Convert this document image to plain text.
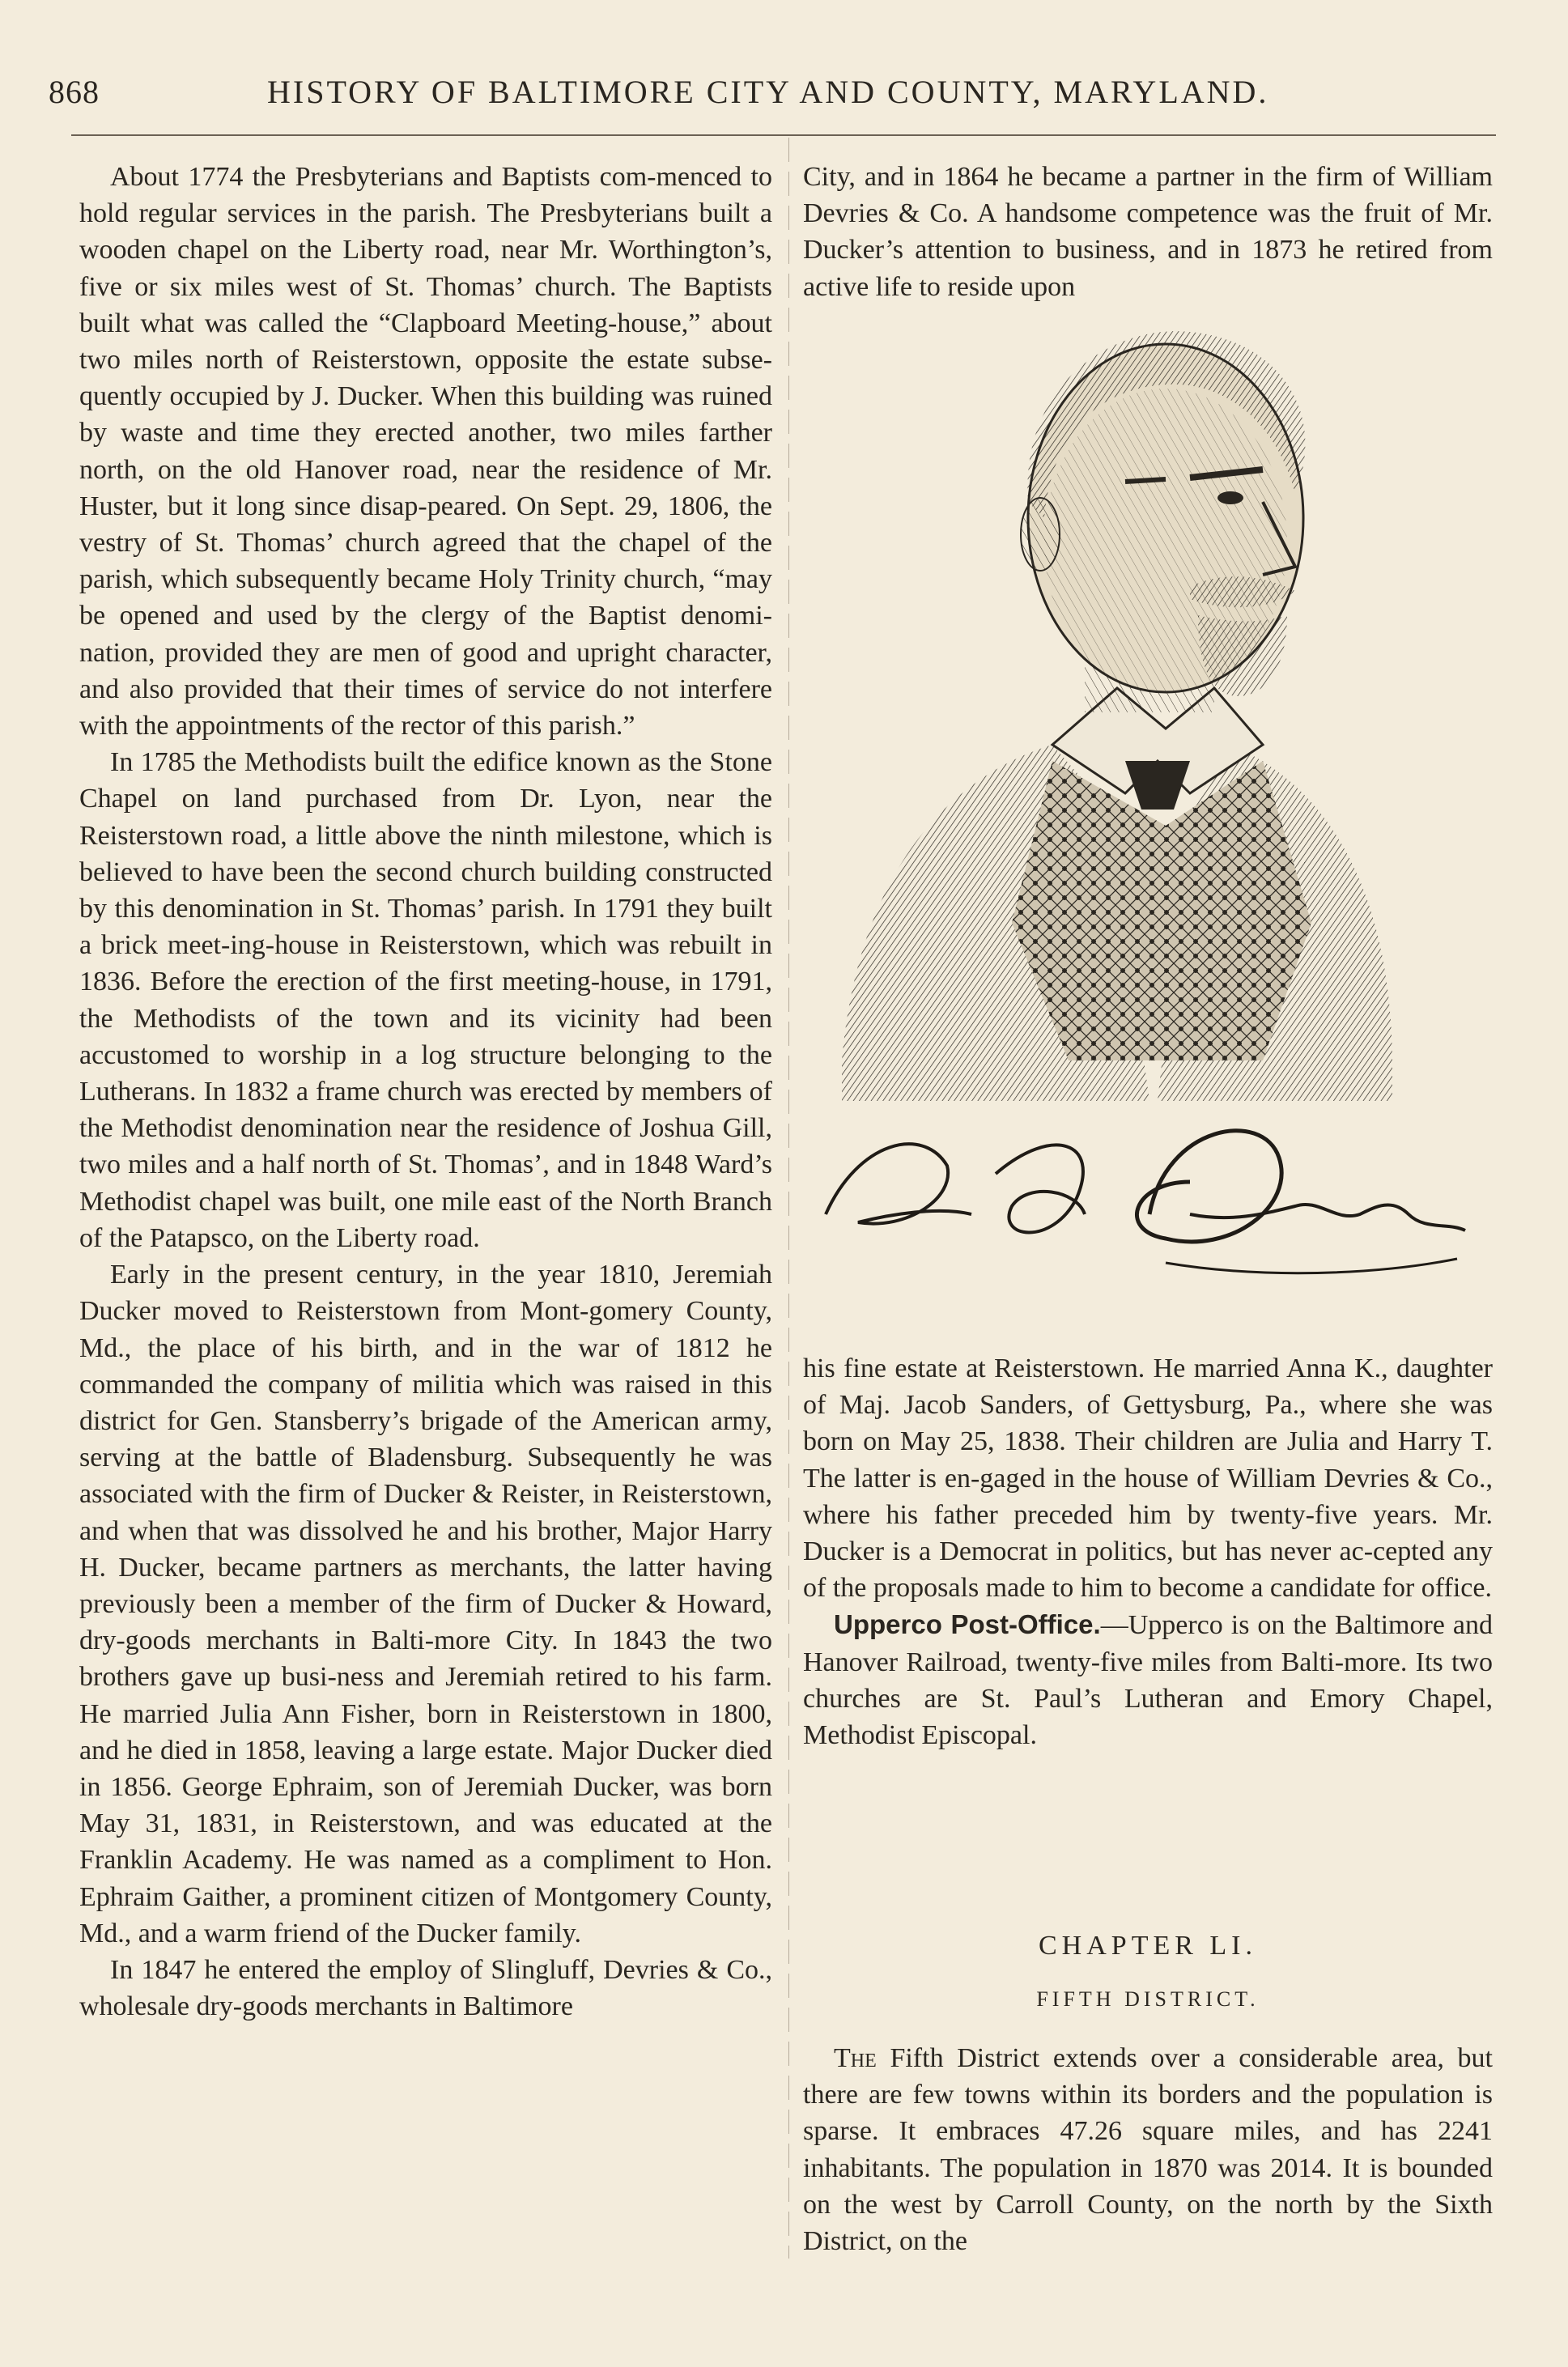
868	HISTORY OF BALTIMORE CITY AND COUNTY, MARYLAND.

About 1774 the Presbyterians and Baptists com-menced to hold regular services in the parish. The Presbyterians built a wooden chapel on the Liberty road, near Mr. Worthington’s, five or six miles west of St. Thomas’ church. The Baptists built what was called the “Clapboard Meeting-house,” about two miles north of Reisterstown, opposite the estate subse-quently occupied by J. Ducker. When this building was ruined by waste and time they erected another, two miles farther north, on the old Hanover road, near the residence of Mr. Huster, but it long since disap-peared. On Sept. 29, 1806, the vestry of St. Thomas’ church agreed that the chapel of the parish, which subsequently became Holy Trinity church, “may be opened and used by the clergy of the Baptist denomi-nation, provided they are men of good and upright character, and also provided that their times of service do not interfere with the appointments of the rector of this parish.”

In 1785 the Methodists built the edifice known as the Stone Chapel on land purchased from Dr. Lyon, near the Reisterstown road, a little above the ninth milestone, which is believed to have been the second church building constructed by this denomination in St. Thomas’ parish. In 1791 they built a brick meet-ing-house in Reisterstown, which was rebuilt in 1836. Before the erection of the first meeting-house, in 1791, the Methodists of the town and its vicinity had been accustomed to worship in a log structure belonging to the Lutherans. In 1832 a frame church was erected by members of the Methodist denomination near the residence of Joshua Gill, two miles and a half north of St. Thomas’, and in 1848 Ward’s Methodist chapel was built, one mile east of the North Branch of the Patapsco, on the Liberty road.

Early in the present century, in the year 1810, Jeremiah Ducker moved to Reisterstown from Mont-gomery County, Md., the place of his birth, and in the war of 1812 he commanded the company of militia which was raised in this district for Gen. Stansberry’s brigade of the American army, serving at the battle of Bladensburg. Subsequently he was associated with the firm of Ducker & Reister, in Reisterstown, and when that was dissolved he and his brother, Major Harry H. Ducker, became partners as merchants, the latter having previously been a member of the firm of Ducker & Howard, dry-goods merchants in Balti-more City. In 1843 the two brothers gave up busi-ness and Jeremiah retired to his farm. He married Julia Ann Fisher, born in Reisterstown in 1800, and he died in 1858, leaving a large estate. Major Ducker died in 1856. George Ephraim, son of Jeremiah Ducker, was born May 31, 1831, in Reisterstown, and was educated at the Franklin Academy. He was named as a compliment to Hon. Ephraim Gaither, a prominent citizen of Montgomery County, Md., and a warm friend of the Ducker family.

In 1847 he entered the employ of Slingluff, Devries & Co., wholesale dry-goods merchants in Baltimore

City, and in 1864 he became a partner in the firm of William Devries & Co. A handsome competence was the fruit of Mr. Ducker’s attention to business, and in 1873 he retired from active life to reside upon

his fine estate at Reisterstown. He married Anna K., daughter of Maj. Jacob Sanders, of Gettysburg, Pa., where she was born on May 25, 1838. Their children are Julia and Harry T. The latter is en-gaged in the house of William Devries & Co., where his father preceded him by twenty-five years. Mr. Ducker is a Democrat in politics, but has never ac-cepted any of the proposals made to him to become a candidate for office.

Upperco Post-Office.—Upperco is on the Baltimore and Hanover Railroad, twenty-five miles from Balti-more. Its two churches are St. Paul’s Lutheran and Emory Chapel, Methodist Episcopal.

CHAPTER LI.
FIFTH DISTRICT.

The Fifth District extends over a considerable area, but there are few towns within its borders and the population is sparse. It embraces 47.26 square miles, and has 2241 inhabitants. The population in 1870 was 2014. It is bounded on the west by Carroll County, on the north by the Sixth District, on the
